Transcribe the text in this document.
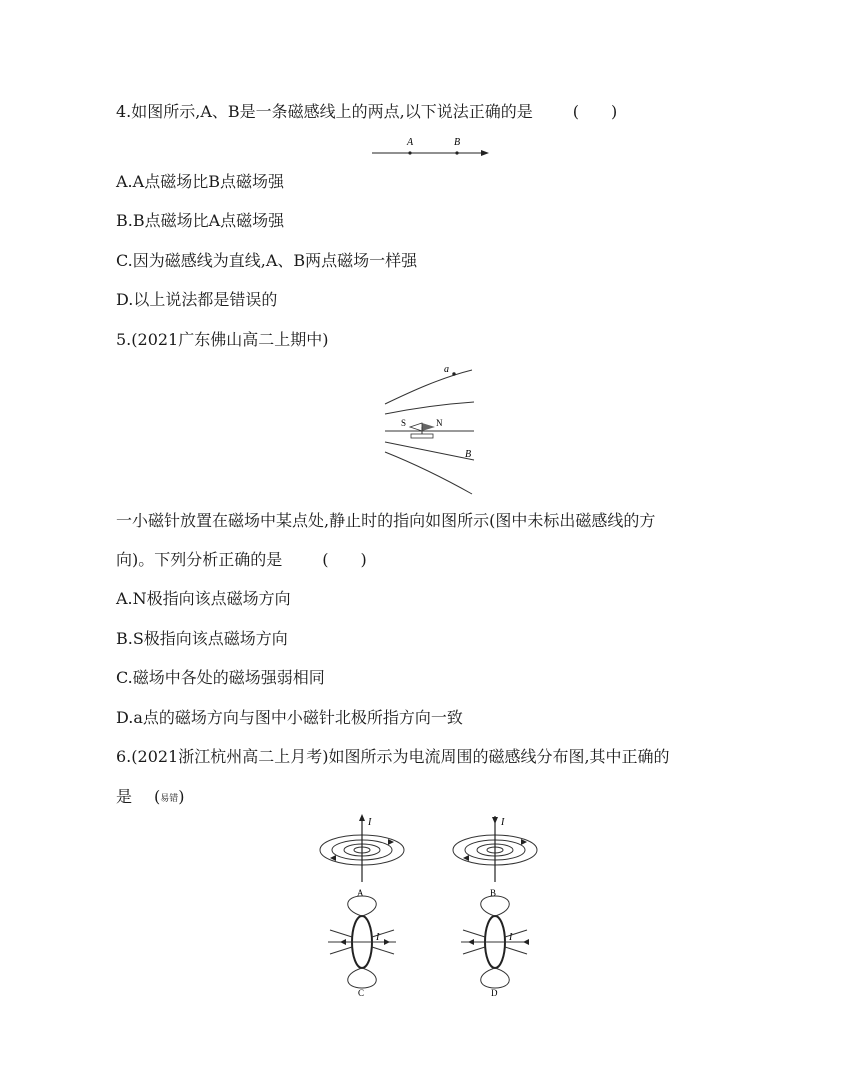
4.如图所示,A、B是一条磁感线上的两点,以下说法正确的是	(　　)
A	B
A.A点磁场比B点磁场强
B.B点磁场比A点磁场强
C.因为磁感线为直线,A、B两点磁场一样强
D.以上说法都是错误的
5.(2021广东佛山高二上期中)
a
S	N
B
一小磁针放置在磁场中某点处,静止时的指向如图所示(图中未标出磁感线的方
向)。下列分析正确的是	(　　)
A.N极指向该点磁场方向
B.S极指向该点磁场方向
C.磁场中各处的磁场强弱相同
D.a点的磁场方向与图中小磁针北极所指方向一致
6.(2021浙江杭州高二上月考)如图所示为电流周围的磁感线分布图,其中正确的
是 (易错)
I
A
I
B
I
C
I
D
